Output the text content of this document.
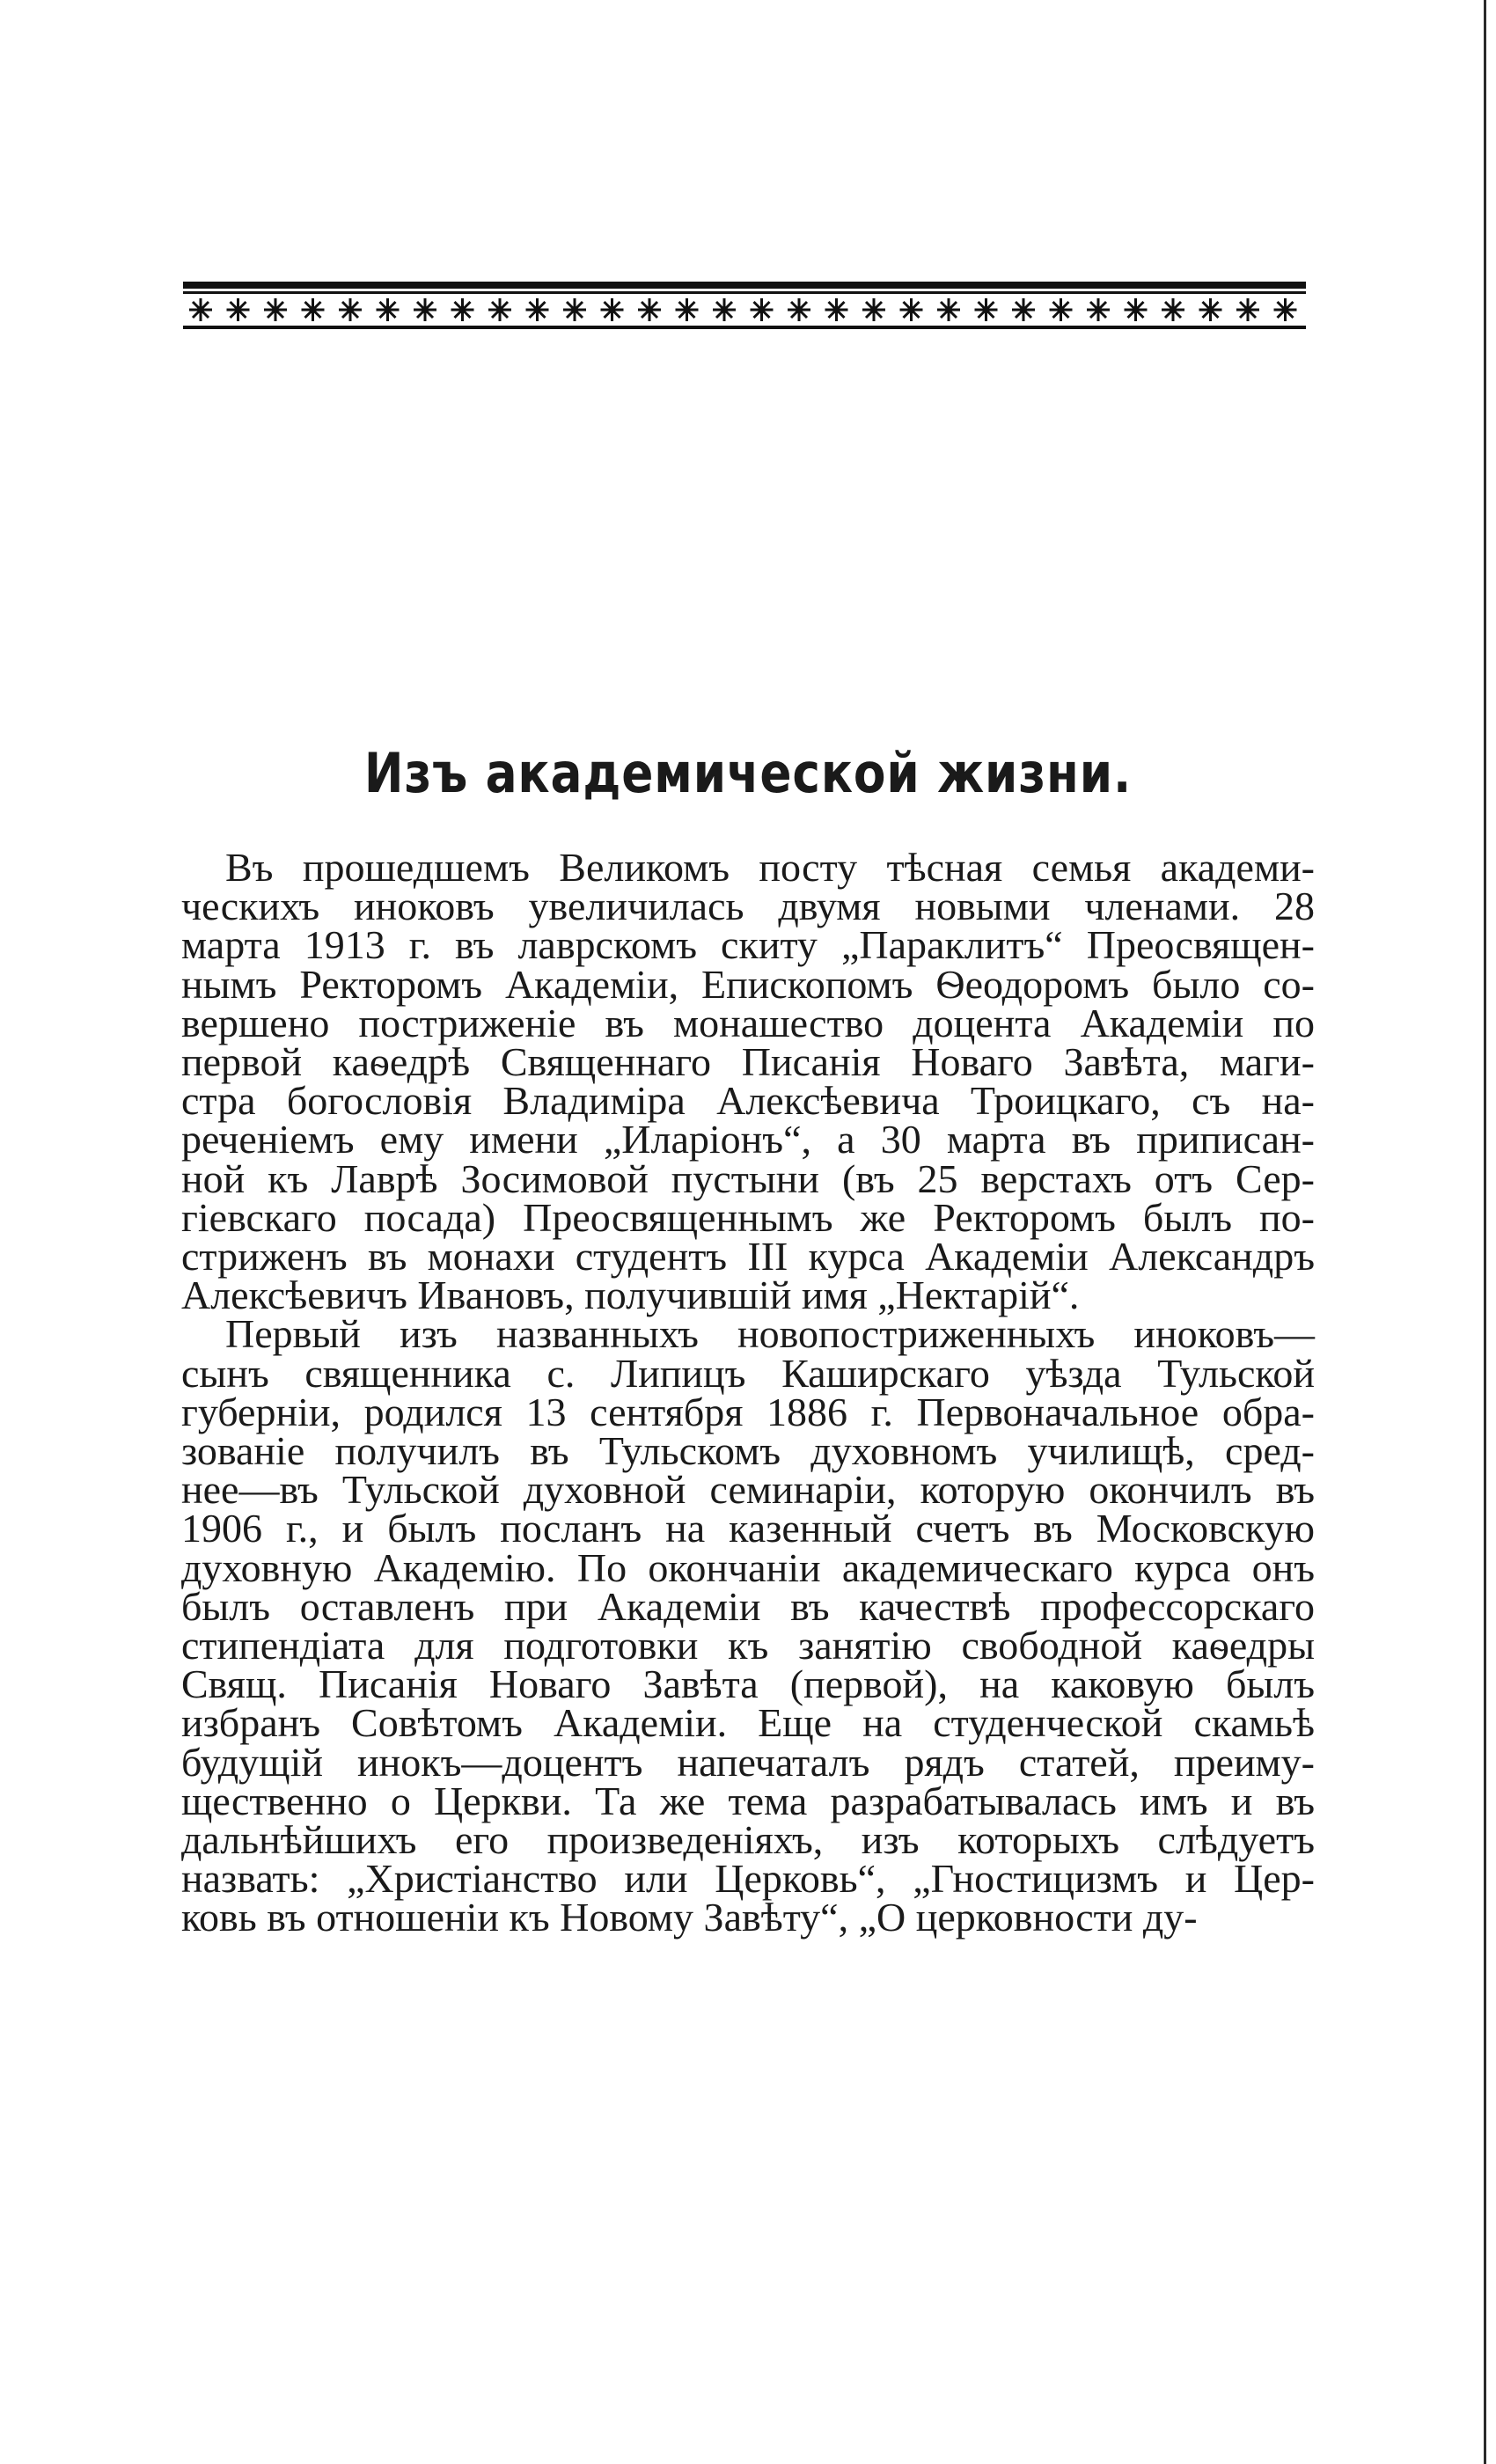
Изъ академической жизни.
Въ прошедшемъ Великомъ посту тѣсная семья академи-
ческихъ иноковъ увеличилась двумя новыми членами. 28
марта 1913 г. въ лаврскомъ скиту „Параклитъ“ Преосвящен-
нымъ Ректоромъ Академіи, Епископомъ Ѳеодоромъ было со-
вершено постриженіе въ монашество доцента Академіи по
первой каѳедрѣ Священнаго Писанія Новаго Завѣта, маги-
стра богословія Владиміра Алексѣевича Троицкаго, съ на-
реченіемъ ему имени „Иларіонъ“, а 30 марта въ приписан-
ной къ Лаврѣ Зосимовой пустыни (въ 25 верстахъ отъ Сер-
гіевскаго посада) Преосвященнымъ же Ректоромъ былъ по-
стриженъ въ монахи студентъ III курса Академіи Александръ
Алексѣевичъ Ивановъ, получившій имя „Нектарій“.
Первый изъ названныхъ новопостриженныхъ иноковъ—
сынъ священника с. Липицъ Каширскаго уѣзда Тульской
губерніи, родился 13 сентября 1886 г. Первоначальное обра-
зованіе получилъ въ Тульскомъ духовномъ училищѣ, сред-
нее—въ Тульской духовной семинаріи, которую окончилъ въ
1906 г., и былъ посланъ на казенный счетъ въ Московскую
духовную Академію. По окончаніи академическаго курса онъ
былъ оставленъ при Академіи въ качествѣ профессорскаго
стипендіата для подготовки къ занятію свободной каѳедры
Свящ. Писанія Новаго Завѣта (первой), на каковую былъ
избранъ Совѣтомъ Академіи. Еще на студенческой скамьѣ
будущій инокъ—доцентъ напечаталъ рядъ статей, преиму-
щественно о Церкви. Та же тема разрабатывалась имъ и въ
дальнѣйшихъ его произведеніяхъ, изъ которыхъ слѣдуетъ
назвать: „Христіанство или Церковь“, „Гностицизмъ и Цер-
ковь въ отношеніи къ Новому Завѣту“, „О церковности ду-
